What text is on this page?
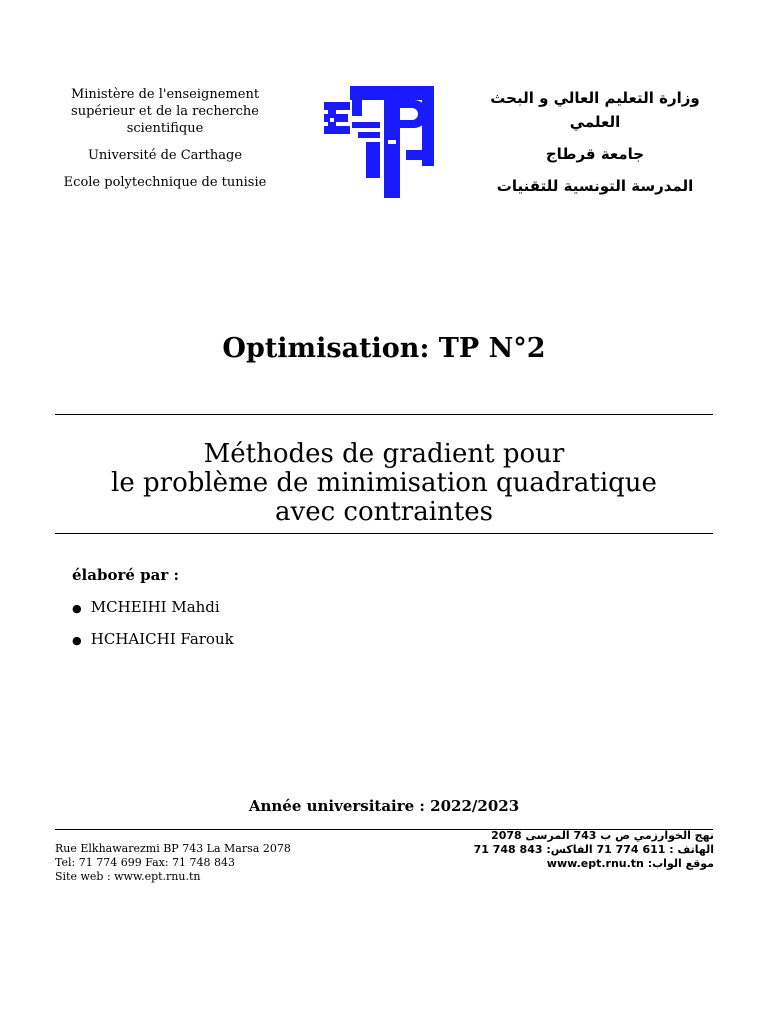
Ministère de l'enseignement supérieur et de la recherche scientifique
Université de Carthage
Ecole polytechnique de tunisie
وزارة التعليم العالي و البحث العلمي
جامعة قرطاج
المدرسة التونسية للتقنيات
Optimisation: TP N°2
Méthodes de gradient pour
le problème de minimisation quadratique
avec contraintes
élaboré par :
● MCHEIHI Mahdi
● HCHAICHI Farouk
Année universitaire : 2022/2023
Rue Elkhawarezmi BP 743 La Marsa 2078
Tel: 71 774 699 Fax: 71 748 843
Site web : www.ept.rnu.tn
نهج الخوارزمي ص ب 743 المرسى 2078
الهاتف : 611 774 71 الفاكس: 843 748 71
موقع الواب: www.ept.rnu.tn
